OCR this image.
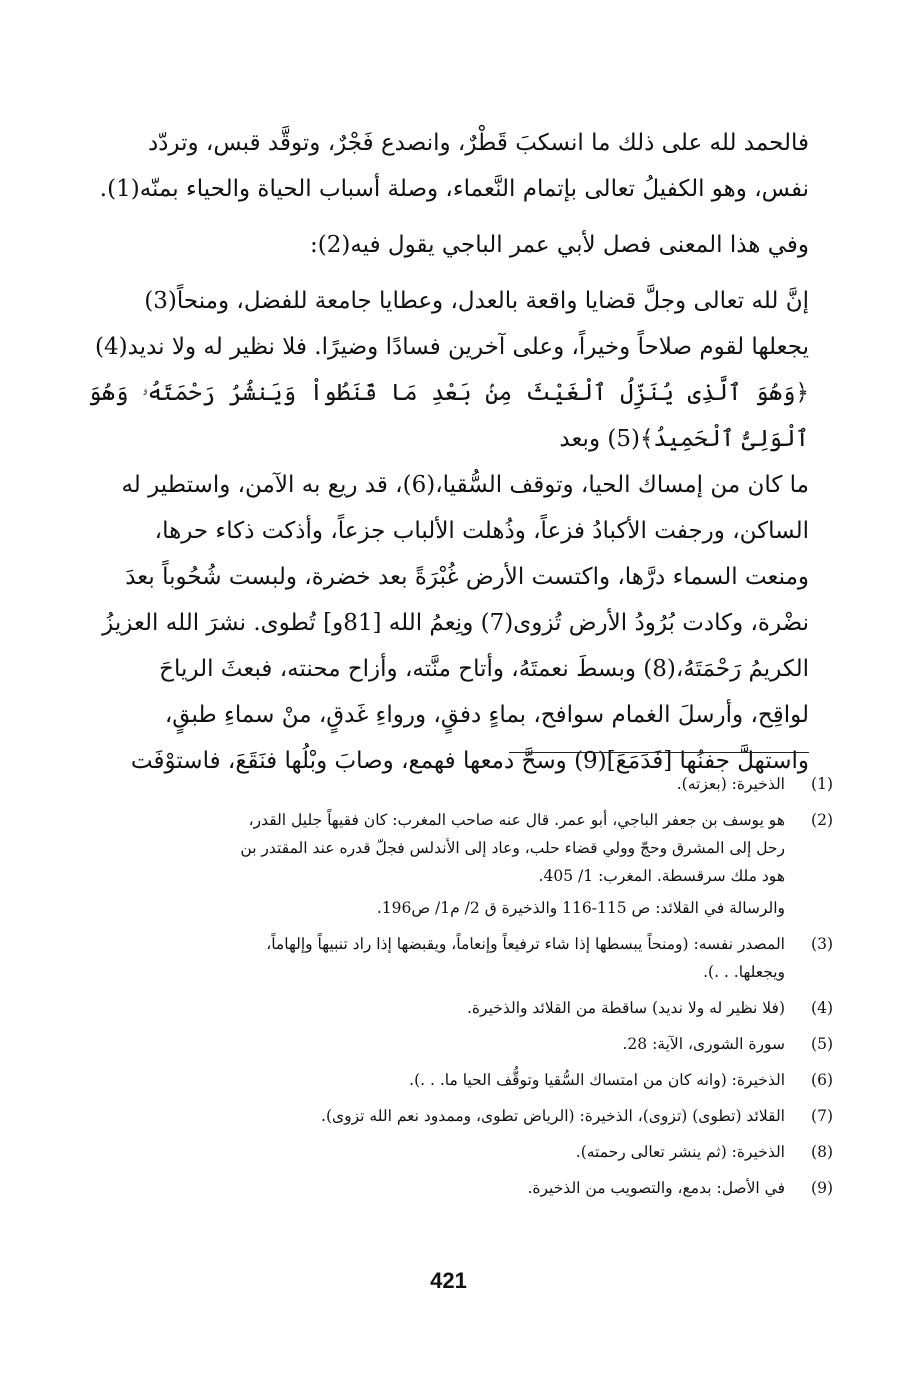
فالحمد لله على ذلك ما انسكبَ قَطْرٌ، وانصدع فَجْرٌ، وتوقَّد قبس، وتردّد
نفس، وهو الكفيلُ تعالى بإتمام النَّعماء، وصلة أسباب الحياة والحياء بمنّه(1).

وفي هذا المعنى فصل لأبي عمر الباجي يقول فيه(2):

إنَّ لله تعالى وجلَّ قضايا واقعة بالعدل، وعطايا جامعة للفضل، ومنحاً(3)
يجعلها لقوم صلاحاً وخيراً، وعلى آخرين فسادًا وضيرًا. فلا نظير له ولا نديد(4)
﴿وَهُوَ ٱلَّذِى يُنَزِّلُ ٱلْغَيْثَ مِنۢ بَعْدِ مَا قَنَطُواْ وَيَنشُرُ رَحْمَتَهُۥ وَهُوَ ٱلْوَلِىُّ ٱلْحَمِيدُ﴾(5) وبعد
ما كان من إمساك الحيا، وتوقف السُّقيا،(6)، قد ريع به الآمن، واستطير له
الساكن، ورجفت الأكبادُ فزعاً، وذُهلت الألباب جزعاً، وأذكت ذكاء حرها،
ومنعت السماء درَّها، واكتست الأرض غُبْرَةً بعد خضرة، ولبست شُحُوباً بعدَ
نضْرة، وكادت بُرُودُ الأرض تُزوى(7) ونِعمُ الله [81و] تُطوى. نشرَ الله العزيزُ
الكريمُ رَحْمَتَهُ،(8) وبسطَ نعمتَهُ، وأتاح منَّته، وأزاح محنته، فبعثَ الرياحَ
لواقِح، وأرسلَ الغمام سوافح، بماءٍ دفقٍ، ورواءِ غَدقٍ، منْ سماءِ طبقٍ،
واستهلَّ جفنُها [فَدَمَعَ](9) وسحَّ دمعها فهمع، وصابَ وبْلُها فنَقَعَ، فاستوْفَت

(1)
الذخيرة: (بعزته).
(2)
هو يوسف بن جعفر الباجي، أبو عمر. قال عنه صاحب المغرب: كان فقيهاً جليل القدر،
رحل إلى المشرق وحجّ وولي قضاء حلب، وعاد إلى الأندلس فجلّ قدره عند المقتدر بن
هود ملك سرقسطة. المغرب: 1/ 405.
والرسالة في القلائد: ص 115-116 والذخيرة ق 2/ م1/ ص196.
(3)
المصدر نفسه: (ومنحاً يبسطها إذا شاء ترفيعاً وإنعاماً، ويقبضها إذا راد تنبيهاً وإلهاماً،
ويجعلها. . .).
(4)
(فلا نظير له ولا نديد) ساقطة من القلائد والذخيرة.
(5)
سورة الشورى، الآية: 28.
(6)
الذخيرة: (وانه كان من امتساك السُّقيا وتوقُّف الحيا ما. . .).
(7)
القلائد (تطوى) (تزوى)، الذخيرة: (الرياض تطوى، وممدود نعم الله تزوى).
(8)
الذخيرة: (ثم ينشر تعالى رحمته).
(9)
في الأصل: بدمع، والتصويب من الذخيرة.
421
